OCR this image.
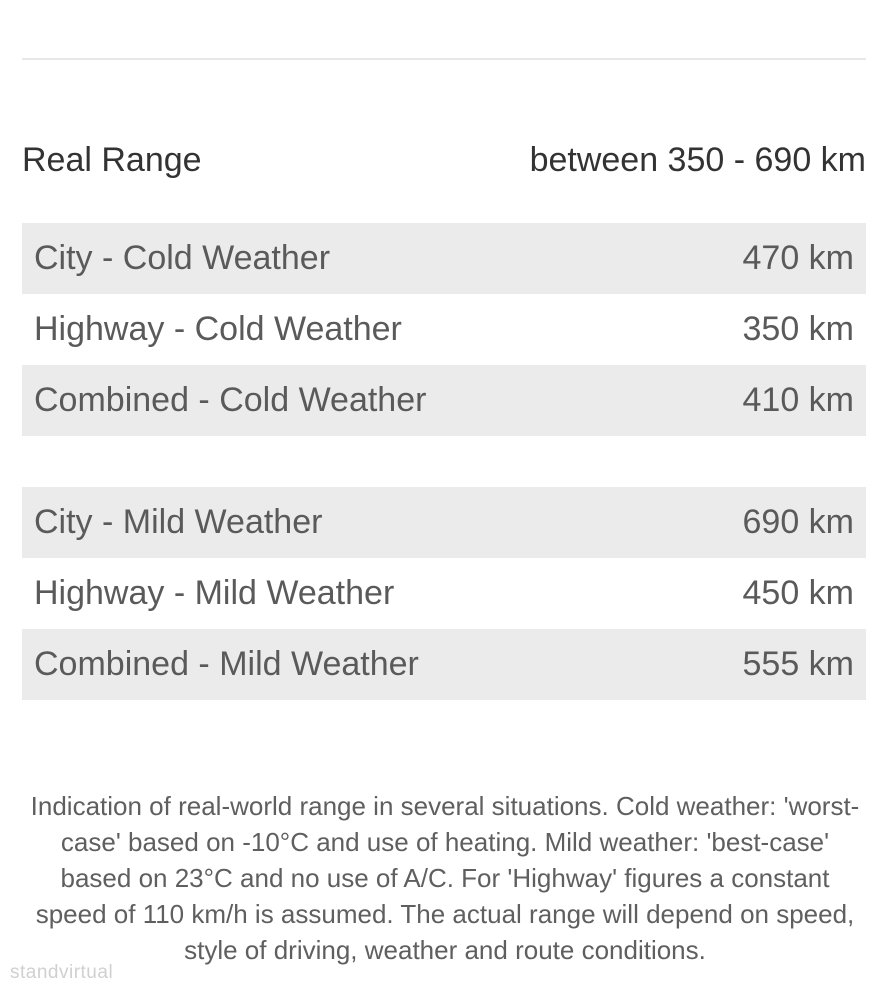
Real Range	between 350 - 690 km
City - Cold Weather	470 km
Highway - Cold Weather	350 km
Combined - Cold Weather	410 km
City - Mild Weather	690 km
Highway - Mild Weather	450 km
Combined - Mild Weather	555 km

Indication of real-world range in several situations. Cold weather: 'worst-case' based on -10°C and use of heating. Mild weather: 'best-case' based on 23°C and no use of A/C. For 'Highway' figures a constant speed of 110 km/h is assumed. The actual range will depend on speed, style of driving, weather and route conditions.

standvirtual
